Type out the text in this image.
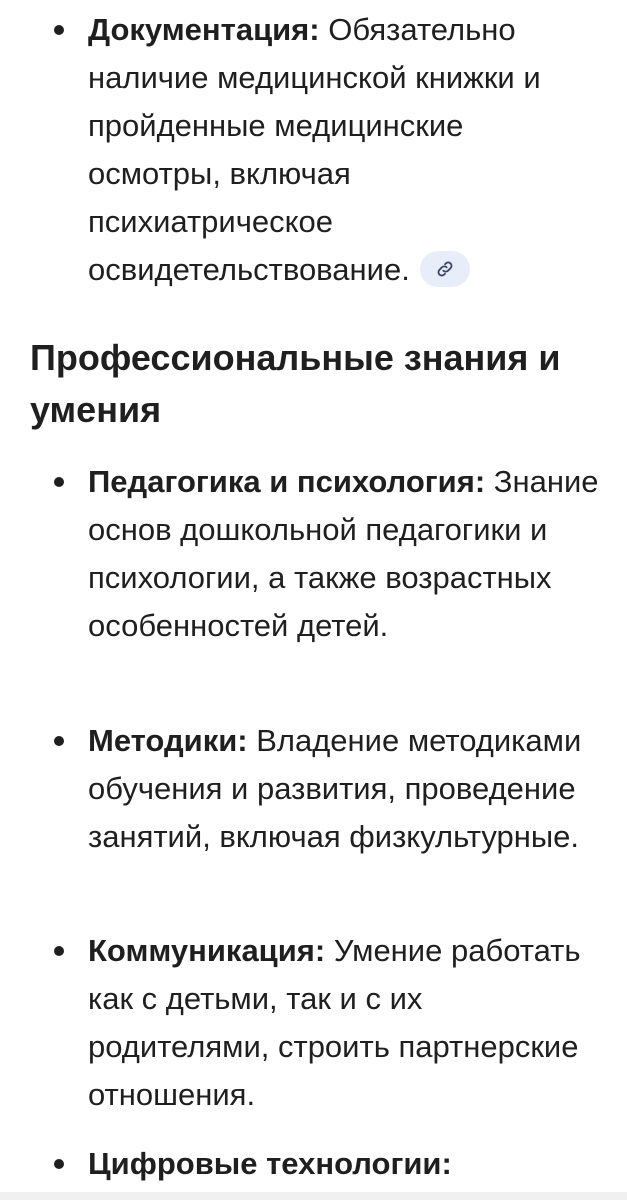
Документация: Обязательно наличие медицинской книжки и пройденные медицинские осмотры, включая психиатрическое освидетельствование.
Профессиональные знания и умения
Педагогика и психология: Знание основ дошкольной педагогики и психологии, а также возрастных особенностей детей.
Методики: Владение методиками обучения и развития, проведение занятий, включая физкультурные.
Коммуникация: Умение работать как с детьми, так и с их родителями, строить партнерские отношения.
Цифровые технологии:
